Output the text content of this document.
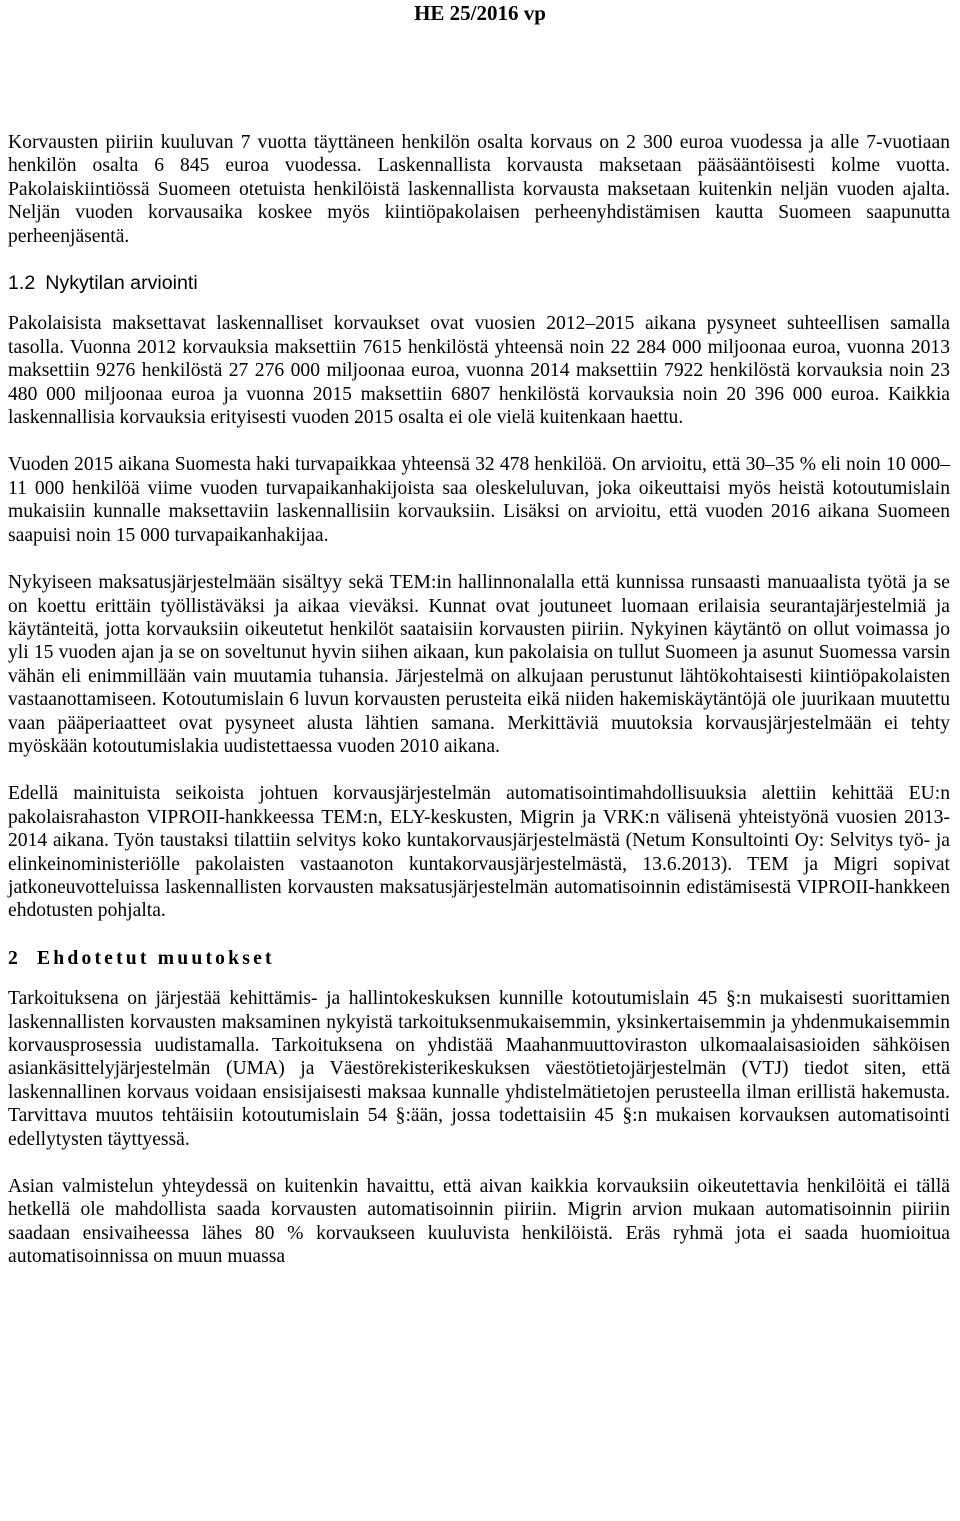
HE 25/2016 vp

Korvausten piiriin kuuluvan 7 vuotta täyttäneen henkilön osalta korvaus on 2 300 euroa vuodessa ja alle 7-vuotiaan henkilön osalta 6 845 euroa vuodessa. Laskennallista korvausta maksetaan pääsääntöisesti kolme vuotta. Pakolaiskiintiössä Suomeen otetuista henkilöistä laskennallista korvausta maksetaan kuitenkin neljän vuoden ajalta. Neljän vuoden korvausaika koskee myös kiintiöpakolaisen perheenyhdistämisen kautta Suomeen saapunutta perheenjäsentä.

1.2 Nykytilan arviointi

Pakolaisista maksettavat laskennalliset korvaukset ovat vuosien 2012–2015 aikana pysyneet suhteellisen samalla tasolla. Vuonna 2012 korvauksia maksettiin 7615 henkilöstä yhteensä noin 22 284 000 miljoonaa euroa, vuonna 2013 maksettiin 9276 henkilöstä 27 276 000 miljoonaa euroa, vuonna 2014 maksettiin 7922 henkilöstä korvauksia noin 23 480 000 miljoonaa euroa ja vuonna 2015 maksettiin 6807 henkilöstä korvauksia noin 20 396 000 euroa. Kaikkia laskennallisia korvauksia erityisesti vuoden 2015 osalta ei ole vielä kuitenkaan haettu.

Vuoden 2015 aikana Suomesta haki turvapaikkaa yhteensä 32 478 henkilöä. On arvioitu, että 30–35 % eli noin 10 000–11 000 henkilöä viime vuoden turvapaikanhakijoista saa oleskeluluvan, joka oikeuttaisi myös heistä kotoutumislain mukaisiin kunnalle maksettaviin laskennallisiin korvauksiin. Lisäksi on arvioitu, että vuoden 2016 aikana Suomeen saapuisi noin 15 000 turvapaikanhakijaa.

Nykyiseen maksatusjärjestelmään sisältyy sekä TEM:in hallinnonalalla että kunnissa runsaasti manuaalista työtä ja se on koettu erittäin työllistäväksi ja aikaa vieväksi. Kunnat ovat joutuneet luomaan erilaisia seurantajärjestelmiä ja käytänteitä, jotta korvauksiin oikeutetut henkilöt saataisiin korvausten piiriin. Nykyinen käytäntö on ollut voimassa jo yli 15 vuoden ajan ja se on soveltunut hyvin siihen aikaan, kun pakolaisia on tullut Suomeen ja asunut Suomessa varsin vähän eli enimmillään vain muutamia tuhansia. Järjestelmä on alkujaan perustunut lähtökohtaisesti kiintiöpakolaisten vastaanottamiseen. Kotoutumislain 6 luvun korvausten perusteita eikä niiden hakemiskäytäntöjä ole juurikaan muutettu vaan pääperiaatteet ovat pysyneet alusta lähtien samana. Merkittäviä muutoksia korvausjärjestelmään ei tehty myöskään kotoutumislakia uudistettaessa vuoden 2010 aikana.

Edellä mainituista seikoista johtuen korvausjärjestelmän automatisointimahdollisuuksia alettiin kehittää EU:n pakolaisrahaston VIPROII-hankkeessa TEM:n, ELY-keskusten, Migrin ja VRK:n välisenä yhteistyönä vuosien 2013-2014 aikana. Työn taustaksi tilattiin selvitys koko kuntakorvausjärjestelmästä (Netum Konsultointi Oy: Selvitys työ- ja elinkeinoministeriölle pakolaisten vastaanoton kuntakorvausjärjestelmästä, 13.6.2013). TEM ja Migri sopivat jatkoneuvotteluissa laskennallisten korvausten maksatusjärjestelmän automatisoinnin edistämisestä VIPROII-hankkeen ehdotusten pohjalta.

2 Ehdotetut muutokset

Tarkoituksena on järjestää kehittämis- ja hallintokeskuksen kunnille kotoutumislain 45 §:n mukaisesti suorittamien laskennallisten korvausten maksaminen nykyistä tarkoituksenmukaisemmin, yksinkertaisemmin ja yhdenmukaisemmin korvausprosessia uudistamalla. Tarkoituksena on yhdistää Maahanmuuttoviraston ulkomaalaisasioiden sähköisen asiankäsittelyjärjestelmän (UMA) ja Väestörekisterikeskuksen väestötietojärjestelmän (VTJ) tiedot siten, että laskennallinen korvaus voidaan ensisijaisesti maksaa kunnalle yhdistelmätietojen perusteella ilman erillistä hakemusta. Tarvittava muutos tehtäisiin kotoutumislain 54 §:ään, jossa todettaisiin 45 §:n mukaisen korvauksen automatisointi edellytysten täyttyessä.

Asian valmistelun yhteydessä on kuitenkin havaittu, että aivan kaikkia korvauksiin oikeutettavia henkilöitä ei tällä hetkellä ole mahdollista saada korvausten automatisoinnin piiriin. Migrin arvion mukaan automatisoinnin piiriin saadaan ensivaiheessa lähes 80 % korvaukseen kuuluvista henkilöistä. Eräs ryhmä jota ei saada huomioitua automatisoinnissa on muun muassa
